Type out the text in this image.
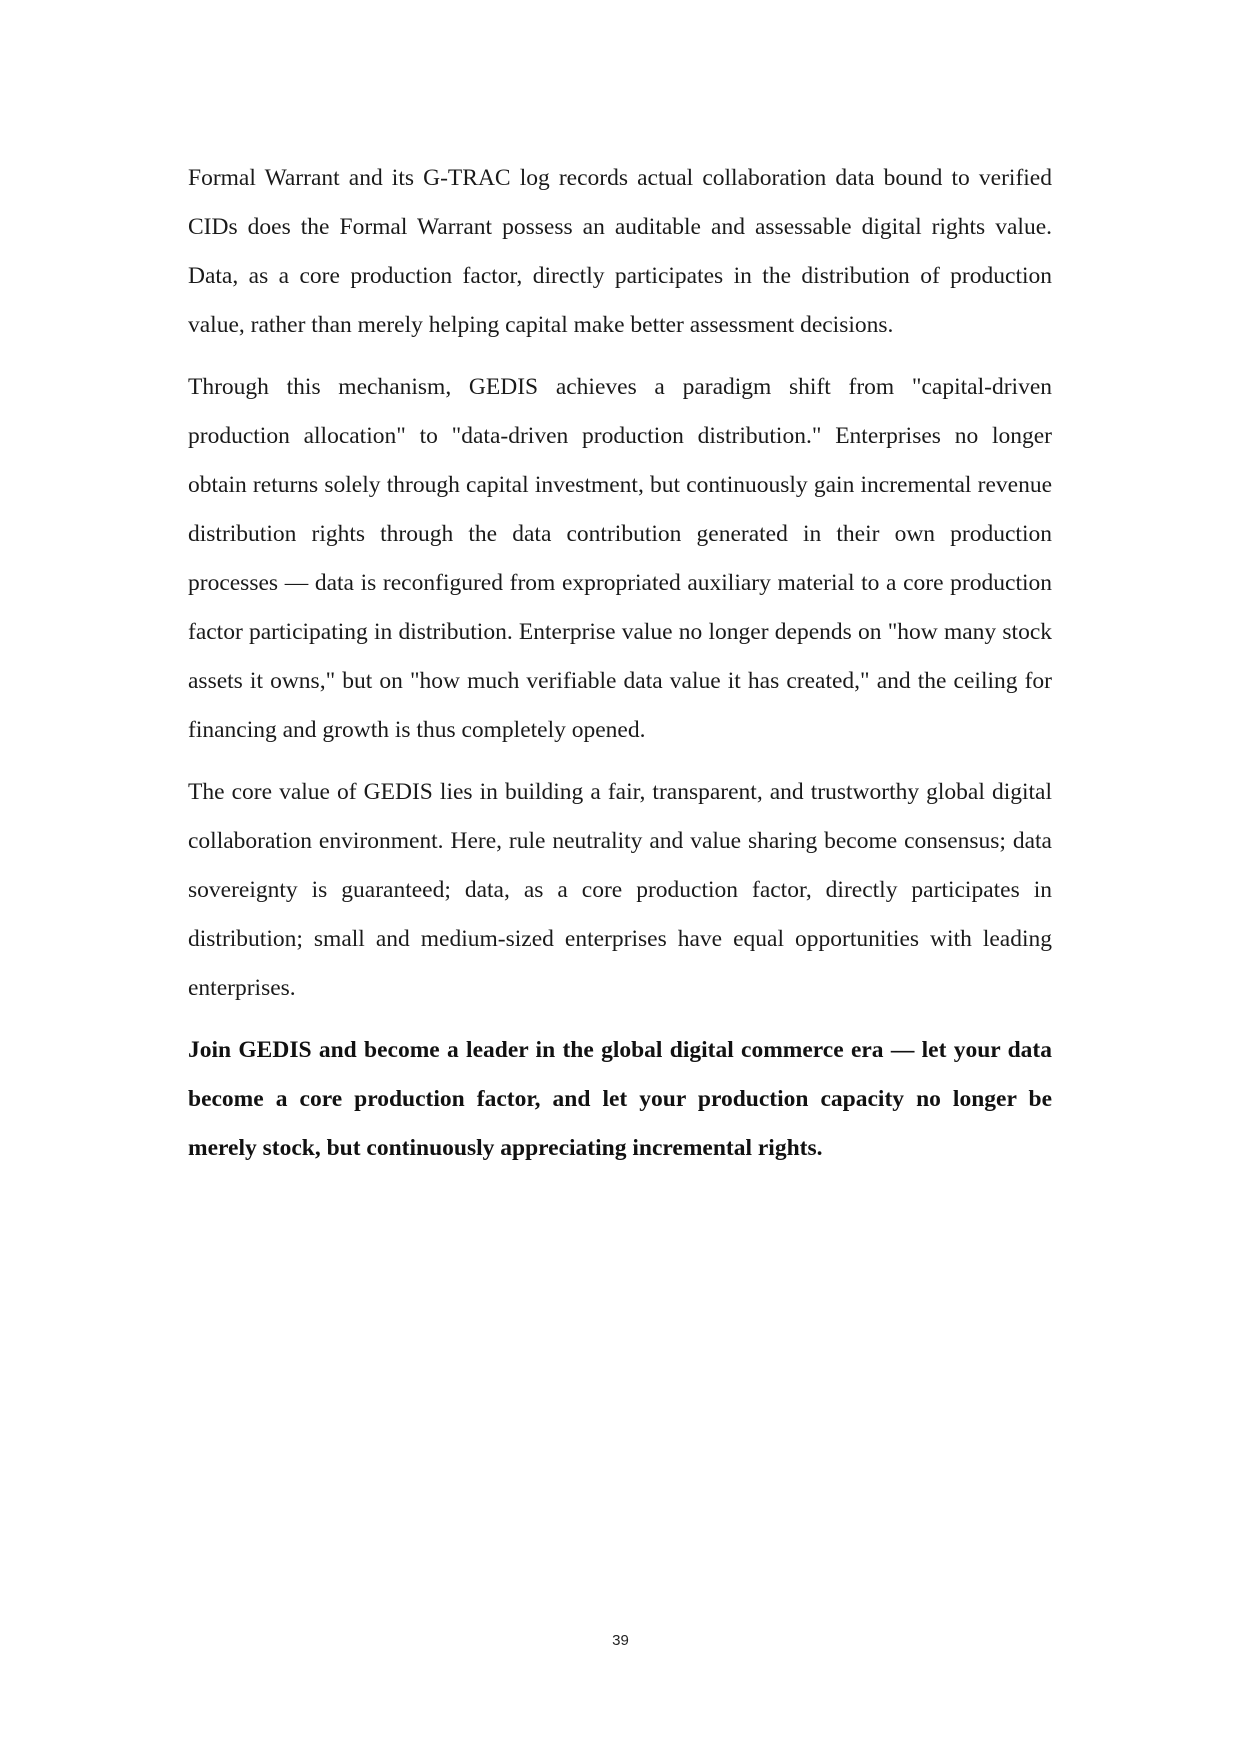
Formal Warrant and its G-TRAC log records actual collaboration data bound to verified CIDs does the Formal Warrant possess an auditable and assessable digital rights value. Data, as a core production factor, directly participates in the distribution of production value, rather than merely helping capital make better assessment decisions.

Through this mechanism, GEDIS achieves a paradigm shift from "capital-driven production allocation" to "data-driven production distribution." Enterprises no longer obtain returns solely through capital investment, but continuously gain incremental revenue distribution rights through the data contribution generated in their own production processes — data is reconfigured from expropriated auxiliary material to a core production factor participating in distribution. Enterprise value no longer depends on "how many stock assets it owns," but on "how much verifiable data value it has created," and the ceiling for financing and growth is thus completely opened.

The core value of GEDIS lies in building a fair, transparent, and trustworthy global digital collaboration environment. Here, rule neutrality and value sharing become consensus; data sovereignty is guaranteed; data, as a core production factor, directly participates in distribution; small and medium-sized enterprises have equal opportunities with leading enterprises.

Join GEDIS and become a leader in the global digital commerce era — let your data become a core production factor, and let your production capacity no longer be merely stock, but continuously appreciating incremental rights.

39
